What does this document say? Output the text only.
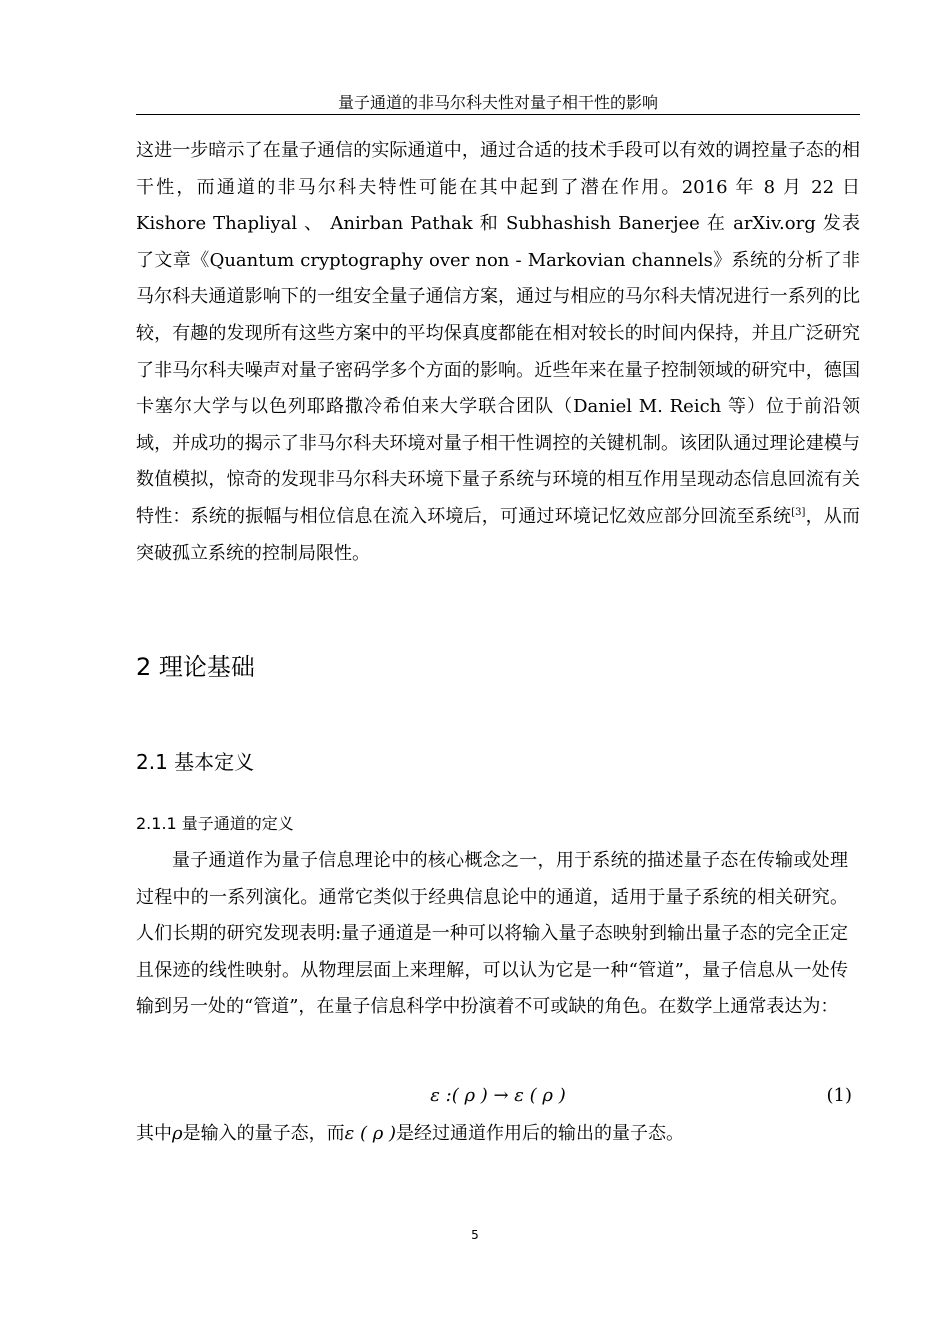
量子通道的非马尔科夫性对量子相干性的影响
这进一步暗示了在量子通信的实际通道中，通过合适的技术手段可以有效的调控量子态的相干性，而通道的非马尔科夫特性可能在其中起到了潜在作用。2016 年 8 月 22 日 Kishore Thapliyal 、 Anirban Pathak 和 Subhashish Banerjee 在 arXiv.org 发表了文章《Quantum cryptography over non - Markovian channels》系统的分析了非马尔科夫通道影响下的一组安全量子通信方案，通过与相应的马尔科夫情况进行一系列的比较，有趣的发现所有这些方案中的平均保真度都能在相对较长的时间内保持，并且广泛研究了非马尔科夫噪声对量子密码学多个方面的影响。近些年来在量子控制领域的研究中，德国卡塞尔大学与以色列耶路撒冷希伯来大学联合团队（Daniel M. Reich 等）位于前沿领域，并成功的揭示了非马尔科夫环境对量子相干性调控的关键机制。该团队通过理论建模与数值模拟，惊奇的发现非马尔科夫环境下量子系统与环境的相互作用呈现动态信息回流有关特性：系统的振幅与相位信息在流入环境后，可通过环境记忆效应部分回流至系统[3]，从而突破孤立系统的控制局限性。
2 理论基础
2.1 基本定义
2.1.1 量子通道的定义
量子通道作为量子信息理论中的核心概念之一，用于系统的描述量子态在传输或处理过程中的一系列演化。通常它类似于经典信息论中的通道，适用于量子系统的相关研究。人们长期的研究发现表明:量子通道是一种可以将输入量子态映射到输出量子态的完全正定且保迹的线性映射。从物理层面上来理解，可以认为它是一种“管道”，量子信息从一处传输到另一处的“管道”，在量子信息科学中扮演着不可或缺的角色。在数学上通常表达为：
ε :( ρ ) → ε ( ρ )	(1)
其中ρ是输入的量子态，而ε ( ρ )是经过通道作用后的输出的量子态。
5
